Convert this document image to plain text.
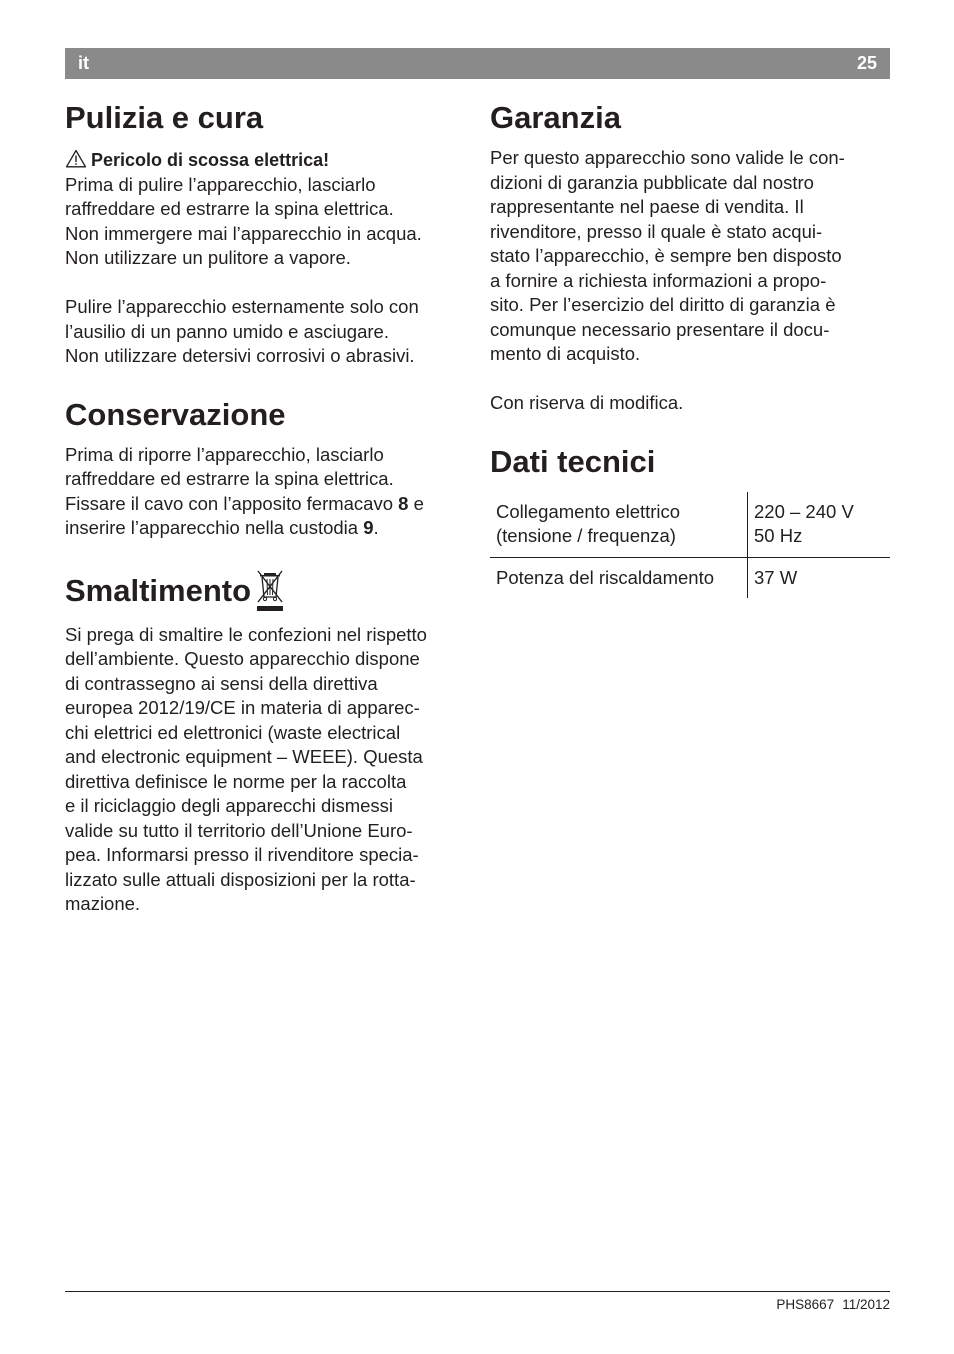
it	25
Pulizia e cura
Pericolo di scossa elettrica!

Prima di pulire l’apparecchio, lasciarlo
raffreddare ed estrarre la spina elettrica.
Non immergere mai l’apparecchio in acqua.
Non utilizzare un pulitore a vapore.

Pulire l’apparecchio esternamente solo con
l’ausilio di un panno umido e asciugare.
Non utilizzare detersivi corrosivi o abrasivi.

Conservazione

Prima di riporre l’apparecchio, lasciarlo
raffreddare ed estrarre la spina elettrica.
Fissare il cavo con l’apposito fermacavo 8 e
inserire l’apparecchio nella custodia 9.

Smaltimento

Si prega di smaltire le confezioni nel rispetto
dell’ambiente. Questo apparecchio dispone
di contrassegno ai sensi della direttiva
europea 2012/19/CE in materia di apparec-
chi elettrici ed elettronici (waste electrical
and electronic equipment – WEEE). Questa
direttiva definisce le norme per la raccolta
e il riciclaggio degli apparecchi dismessi
valide su tutto il territorio dell’Unione Euro-
pea. Informarsi presso il rivenditore specia-
lizzato sulle attuali disposizioni per la rotta-
mazione.

Garanzia

Per questo apparecchio sono valide le con-
dizioni di garanzia pubblicate dal nostro
rappresentante nel paese di vendita. Il
rivenditore, presso il quale è stato acqui-
stato l’apparecchio, è sempre ben disposto
a fornire a richiesta informazioni a propo-
sito. Per l’esercizio del diritto di garanzia è
comunque necessario presentare il docu-
mento di acquisto.

Con riserva di modifica.

Dati tecnici
Collegamento elettrico
(tensione / frequenza)	220 – 240 V
50 Hz
Potenza del riscaldamento	37 W
PHS8667 11/2012
